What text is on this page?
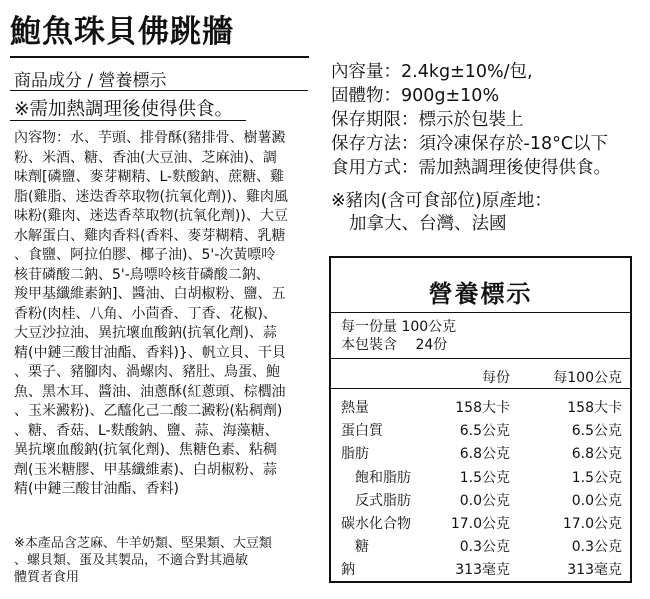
鮑魚珠貝佛跳牆
商品成分 / 營養標示
※需加熱調理後使得供食。
內容物：水、芋頭、排骨酥(豬排骨、樹薯澱
粉、米酒、糖、香油(大豆油、芝麻油)、調
味劑[磷鹽、麥芽糊精、L-麩酸鈉、蔗糖、雞
脂(雞脂、迷迭香萃取物(抗氧化劑))、雞肉風
味粉(雞肉、迷迭香萃取物(抗氧化劑))、大豆
水解蛋白、雞肉香料(香料、麥芽糊精、乳糖
、食鹽、阿拉伯膠、椰子油)、5'-次黃嘌呤
核苷磷酸二鈉、5'-鳥嘌呤核苷磷酸二鈉、
羧甲基纖維素鈉]、醬油、白胡椒粉、鹽、五
香粉(肉桂、八角、小茴香、丁香、花椒)、
大豆沙拉油、異抗壞血酸鈉(抗氧化劑)、蒜
精(中鏈三酸甘油酯、香料)}、帆立貝、干貝
、栗子、豬腳肉、渦螺肉、豬肚、鳥蛋、鮑
魚、黑木耳、醬油、油蔥酥(紅蔥頭、棕櫚油
、玉米澱粉)、乙醯化己二酸二澱粉(粘稠劑)
、糖、香菇、L-麩酸鈉、鹽、蒜、海藻糖、
異抗壞血酸鈉(抗氧化劑)、焦糖色素、粘稠
劑(玉米糖膠、甲基纖維素)、白胡椒粉、蒜
精(中鏈三酸甘油酯、香料)
※本產品含芝麻、牛羊奶類、堅果類、大豆類
、螺貝類、蛋及其製品，不適合對其過敏
體質者食用
內容量：2.4kg±10%/包,
固體物：900g±10%
保存期限：標示於包裝上
保存方法：須冷凍保存於-18°C以下
食用方式：需加熱調理後使得供食。
※豬肉(含可食部位)原產地：
加拿大、台灣、法國
營養標示
每一份量 100公克
本包裝含 　24份
每份	每100公克
熱量	158大卡	158大卡
蛋白質	6.5公克	6.5公克
脂肪	6.8公克	6.8公克
　飽和脂肪	1.5公克	1.5公克
　反式脂肪	0.0公克	0.0公克
碳水化合物	17.0公克	17.0公克
　糖	0.3公克	0.3公克
鈉	313毫克	313毫克
